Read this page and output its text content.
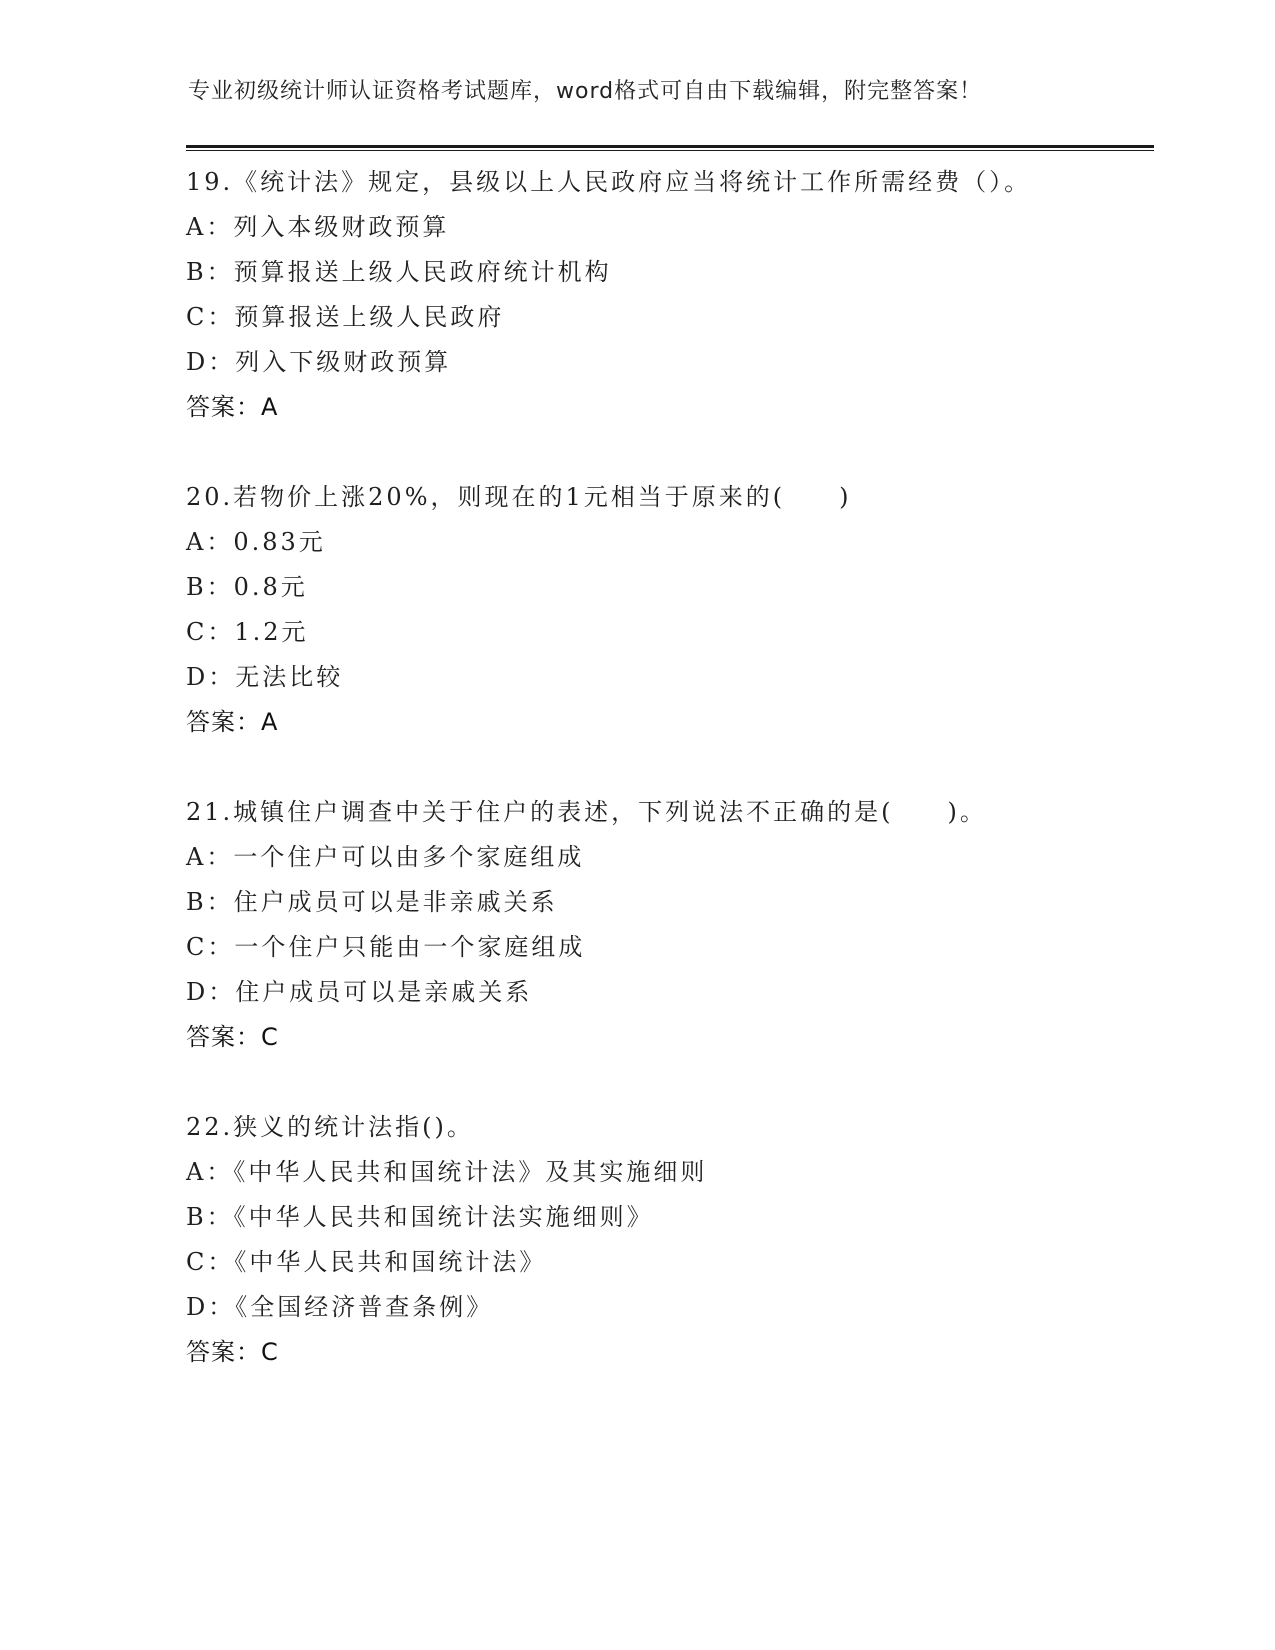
专业初级统计师认证资格考试题库，word格式可自由下载编辑，附完整答案！
19.《统计法》规定，县级以上人民政府应当将统计工作所需经费（）。
A：列入本级财政预算
B：预算报送上级人民政府统计机构
C：预算报送上级人民政府
D：列入下级财政预算
答案：A
20.若物价上涨20%，则现在的1元相当于原来的(　　)
A：0.83元
B：0.8元
C：1.2元
D：无法比较
答案：A
21.城镇住户调查中关于住户的表述，下列说法不正确的是(　　)。
A：一个住户可以由多个家庭组成
B：住户成员可以是非亲戚关系
C：一个住户只能由一个家庭组成
D：住户成员可以是亲戚关系
答案：C
22.狭义的统计法指()。
A：《中华人民共和国统计法》及其实施细则
B：《中华人民共和国统计法实施细则》
C：《中华人民共和国统计法》
D：《全国经济普查条例》
答案：C
